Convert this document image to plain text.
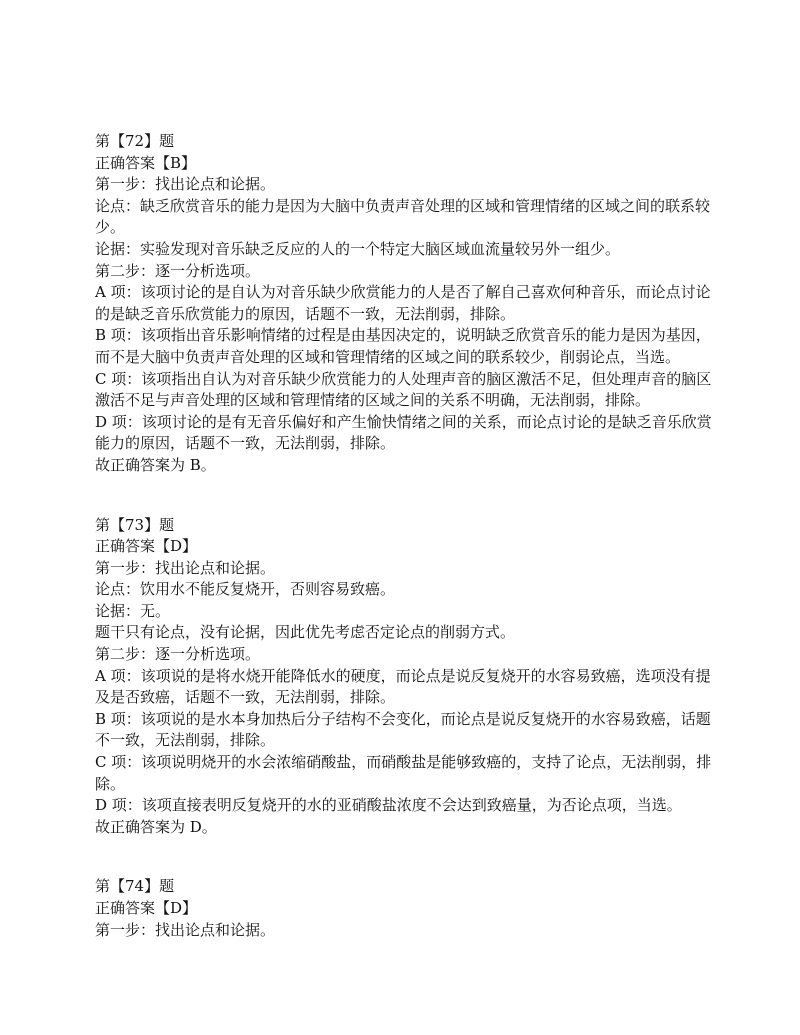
第【72】题

正确答案【B】

第一步：找出论点和论据。

论点：缺乏欣赏音乐的能力是因为大脑中负责声音处理的区域和管理情绪的区域之间的联系较少。

论据：实验发现对音乐缺乏反应的人的一个特定大脑区域血流量较另外一组少。

第二步：逐一分析选项。

A 项：该项讨论的是自认为对音乐缺少欣赏能力的人是否了解自己喜欢何种音乐，而论点讨论的是缺乏音乐欣赏能力的原因，话题不一致，无法削弱，排除。

B 项：该项指出音乐影响情绪的过程是由基因决定的，说明缺乏欣赏音乐的能力是因为基因，而不是大脑中负责声音处理的区域和管理情绪的区域之间的联系较少，削弱论点，当选。

C 项：该项指出自认为对音乐缺少欣赏能力的人处理声音的脑区激活不足，但处理声音的脑区激活不足与声音处理的区域和管理情绪的区域之间的关系不明确，无法削弱，排除。

D 项：该项讨论的是有无音乐偏好和产生愉快情绪之间的关系，而论点讨论的是缺乏音乐欣赏能力的原因，话题不一致，无法削弱，排除。

故正确答案为 B。

第【73】题

正确答案【D】

第一步：找出论点和论据。

论点：饮用水不能反复烧开，否则容易致癌。

论据：无。

题干只有论点，没有论据，因此优先考虑否定论点的削弱方式。

第二步：逐一分析选项。

A 项：该项说的是将水烧开能降低水的硬度，而论点是说反复烧开的水容易致癌，选项没有提及是否致癌，话题不一致，无法削弱，排除。

B 项：该项说的是水本身加热后分子结构不会变化，而论点是说反复烧开的水容易致癌，话题不一致，无法削弱，排除。

C 项：该项说明烧开的水会浓缩硝酸盐，而硝酸盐是能够致癌的，支持了论点，无法削弱，排除。

D 项：该项直接表明反复烧开的水的亚硝酸盐浓度不会达到致癌量，为否论点项，当选。

故正确答案为 D。

第【74】题

正确答案【D】

第一步：找出论点和论据。
